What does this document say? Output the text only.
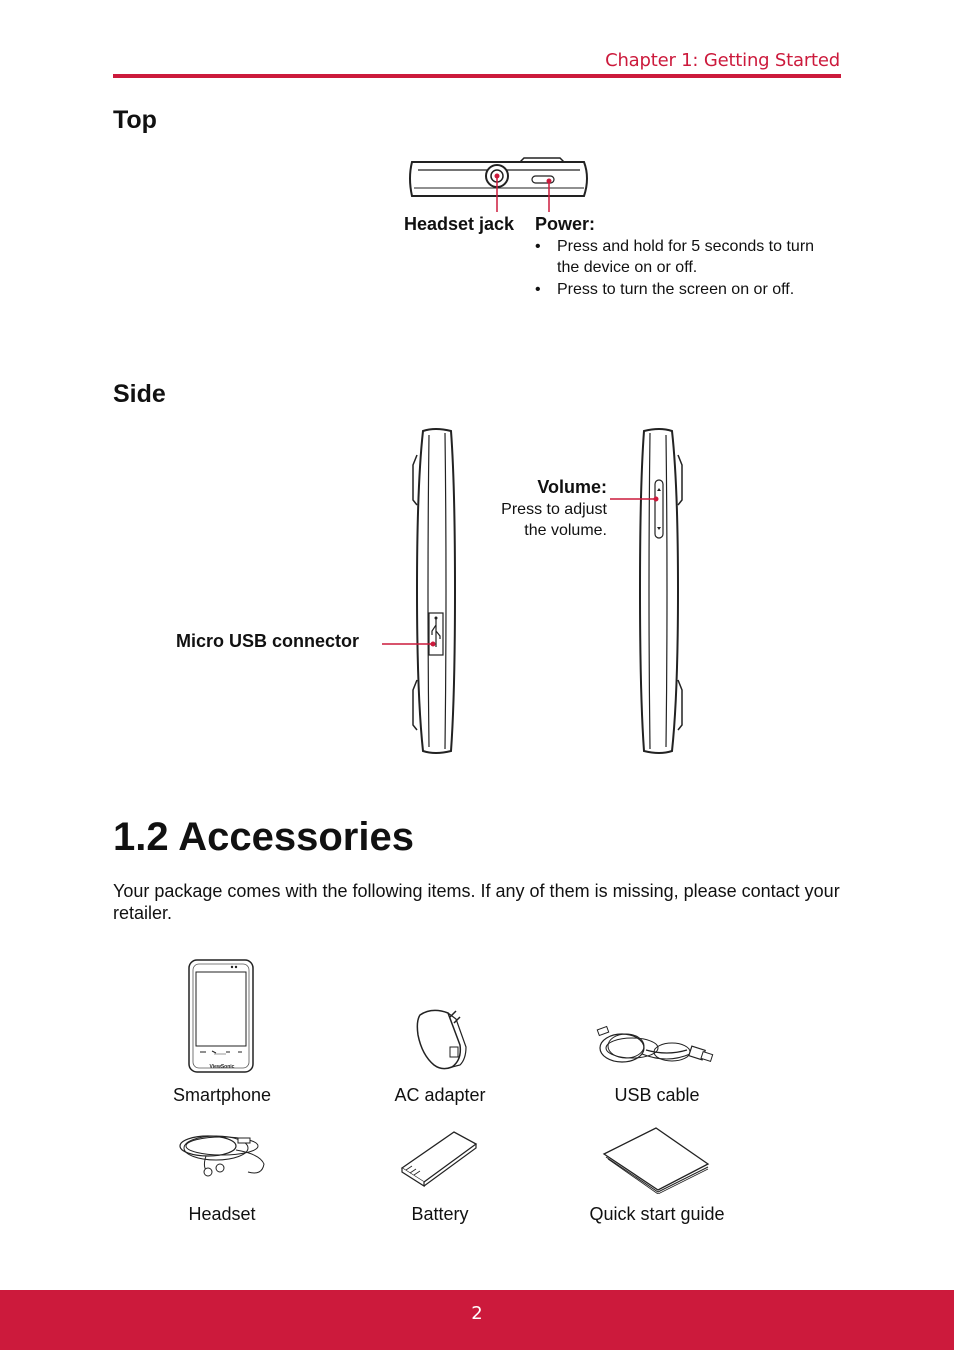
Chapter 1: Getting Started
Top
Headset jack Power:
•	Press and hold for 5 seconds to turn the device on or off.
•	Press to turn the screen on or off.
Side
Volume:
Press to adjust
the volume.
Micro USB connector
1.2 Accessories
Your package comes with the following items. If any of them is missing, please contact your retailer.
ViewSonic
Smartphone	AC adapter	USB cable
Headset	Battery	Quick start guide
2
